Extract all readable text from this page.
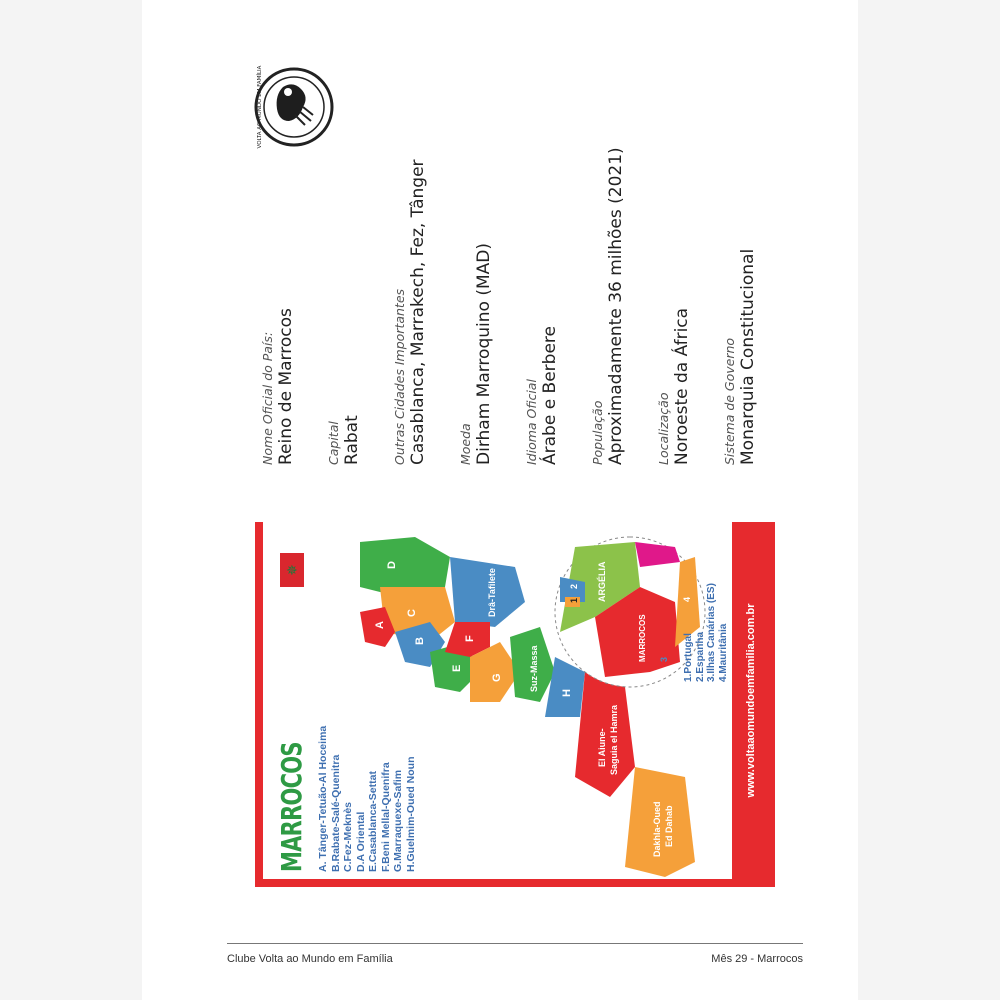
Clube Volta ao Mundo em Família	Mês 29 - Marrocos
VOLTA AO MUNDO EM FAMÍLIA
Nome Oficial do País: Reino de Marrocos Capital Rabat Outras Cidades Importantes Casablanca, Marrakech, Fez, Tânger Moeda Dirham Marroquino (MAD) Idioma Oficial Árabe e Berbere População Aproximadamente 36 milhões (2021) Localização Noroeste da África Sistema de Governo Monarquia Constitucional
MARROCOS
✵
A. Tânger-Tetuão-Al Hoceima B.Rabate-Salé-Quenitra C.Fez-Meknès D.A Oriental E.Casablanca-Settat F.Beni Mellal-Quenifra G.Marraquexe-Safim H.Guelmim-Oued Noun
A
B
C
D
E
F
G
H
Drâ-Tafilete
Suz-Massa
El Aiune- Saguia el Hamra
Dakhla-Oued Ed Dahab
ARGÉLIA
MARROCOS
1
2
3
4
1.Portugal 2.Espanha 3.Ilhas Canárias (ES) 4.Mauritânia www.voltaaomundoemfamilia.com.br
